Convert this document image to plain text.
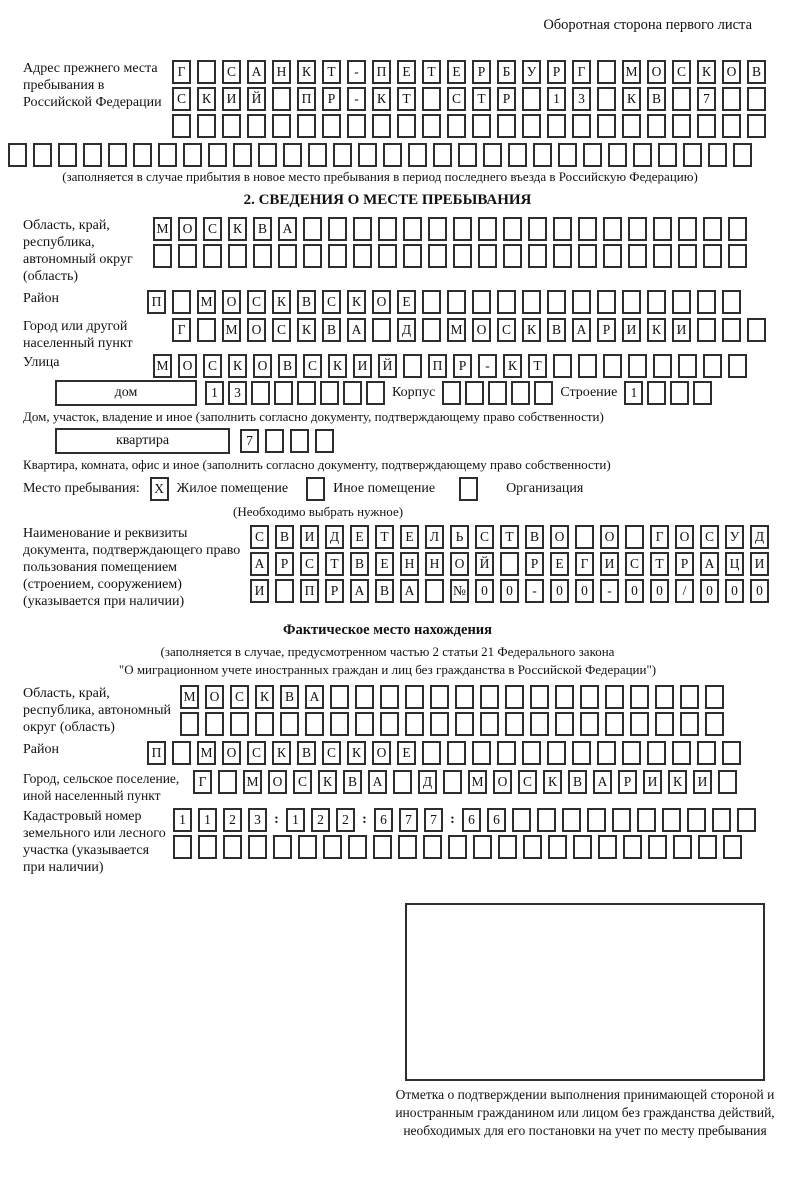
Оборотная сторона первого листа
Адрес прежнего места пребывания в Российской Федерации
Г	С	А	Н	К	Т	-	П	Е	Т	Е	Р	Б	У	Р	Г	М	О	С	К	О	В
С	К	И	Й	П	Р	-	К	Т	С	Т	Р	1	3	К	В	7
(заполняется в случае прибытия в новое место пребывания в период последнего въезда в Российскую Федерацию)
2. СВЕДЕНИЯ О МЕСТЕ ПРЕБЫВАНИЯ
Область, край, республика, автономный округ (область)
М	О	С	К	В	А
Район	П	М	О	С	К	В	С	К	О	Е
Город или другой населенный пункт
Г	М	О	С	К	В	А	Д	М	О	С	К	В	А	Р	И	К	И
Улица	М	О	С	К	О	В	С	К	И	Й	П	Р	-	К	Т
дом	1	3	Корпус	Строение 1
Дом, участок, владение и иное (заполнить согласно документу, подтверждающему право собственности)
квартира	7
Квартира, комната, офис и иное (заполнить согласно документу, подтверждающему право собственности)
Место пребывания:	X Жилое помещение	Иное помещение	Организация
(Необходимо выбрать нужное)
Наименование и реквизиты документа, подтверждающего право пользования помещением (строением, сооружением) (указывается при наличии)
С	В	И	Д	Е	Т	Е	Л	Ь	С	Т	В	О	О	Г	О	С	У	Д
А	Р	С	Т	В	Е	Н	Н	О	Й	Р	Е	Г	И	С	Т	Р	А	Ц	И
И	П	Р	А	В	А	№	0	0	-	0	0	-	0	0	/	0	0	0
Фактическое место нахождения
(заполняется в случае, предусмотренном частью 2 статьи 21 Федерального закона
"О миграционном учете иностранных граждан и лиц без гражданства в Российской Федерации")
Область, край, республика, автономный округ (область)
М	О	С	К	В	А
Район	П	М	О	С	К	В	С	К	О	Е
Город, сельское поселение, иной населенный пункт
Г	М	О	С	К	В	А	Д	М	О	С	К	В	А	Р	И	К	И
Кадастровый номер земельного или лесного участка (указывается при наличии)
1	1	2	3 : 1	2	2 : 6	7	7 : 6	6
Отметка о подтверждении выполнения принимающей стороной и иностранным гражданином или лицом без гражданства действий, необходимых для его постановки на учет по месту пребывания
